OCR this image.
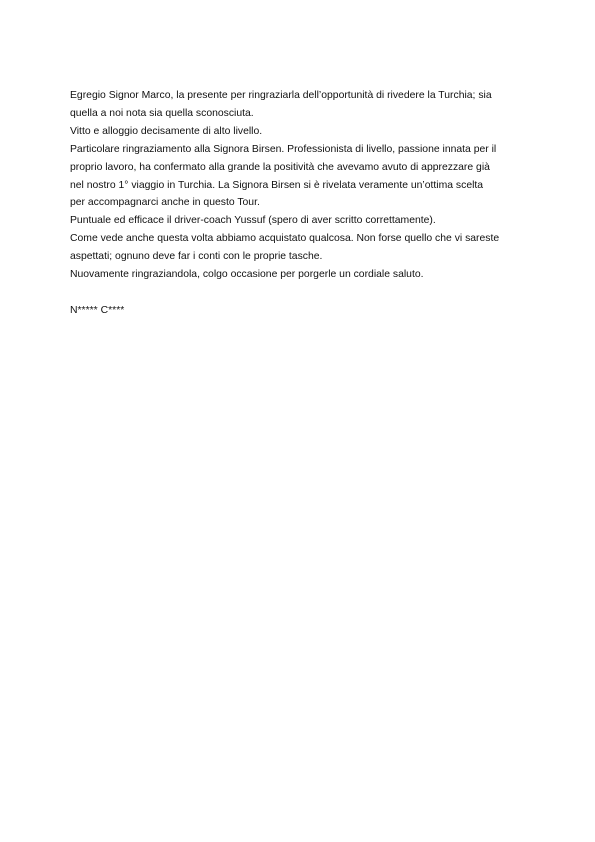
Egregio Signor Marco, la presente per ringraziarla dell’opportunità di rivedere la Turchia; sia
quella a noi nota sia quella sconosciuta.
Vitto e alloggio decisamente di alto livello.
Particolare ringraziamento alla Signora Birsen. Professionista di livello, passione innata per il
proprio lavoro, ha confermato alla grande la positività che avevamo avuto di apprezzare già
nel nostro 1° viaggio in Turchia. La Signora Birsen si è rivelata veramente un’ottima scelta
per accompagnarci anche in questo Tour.
Puntuale ed efficace il driver-coach Yussuf (spero di aver scritto correttamente).
Come vede anche questa volta abbiamo acquistato qualcosa. Non forse quello che vi sareste
aspettati; ognuno deve far i conti con le proprie tasche.
Nuovamente ringraziandola, colgo occasione per porgerle un cordiale saluto.
N***** C****
